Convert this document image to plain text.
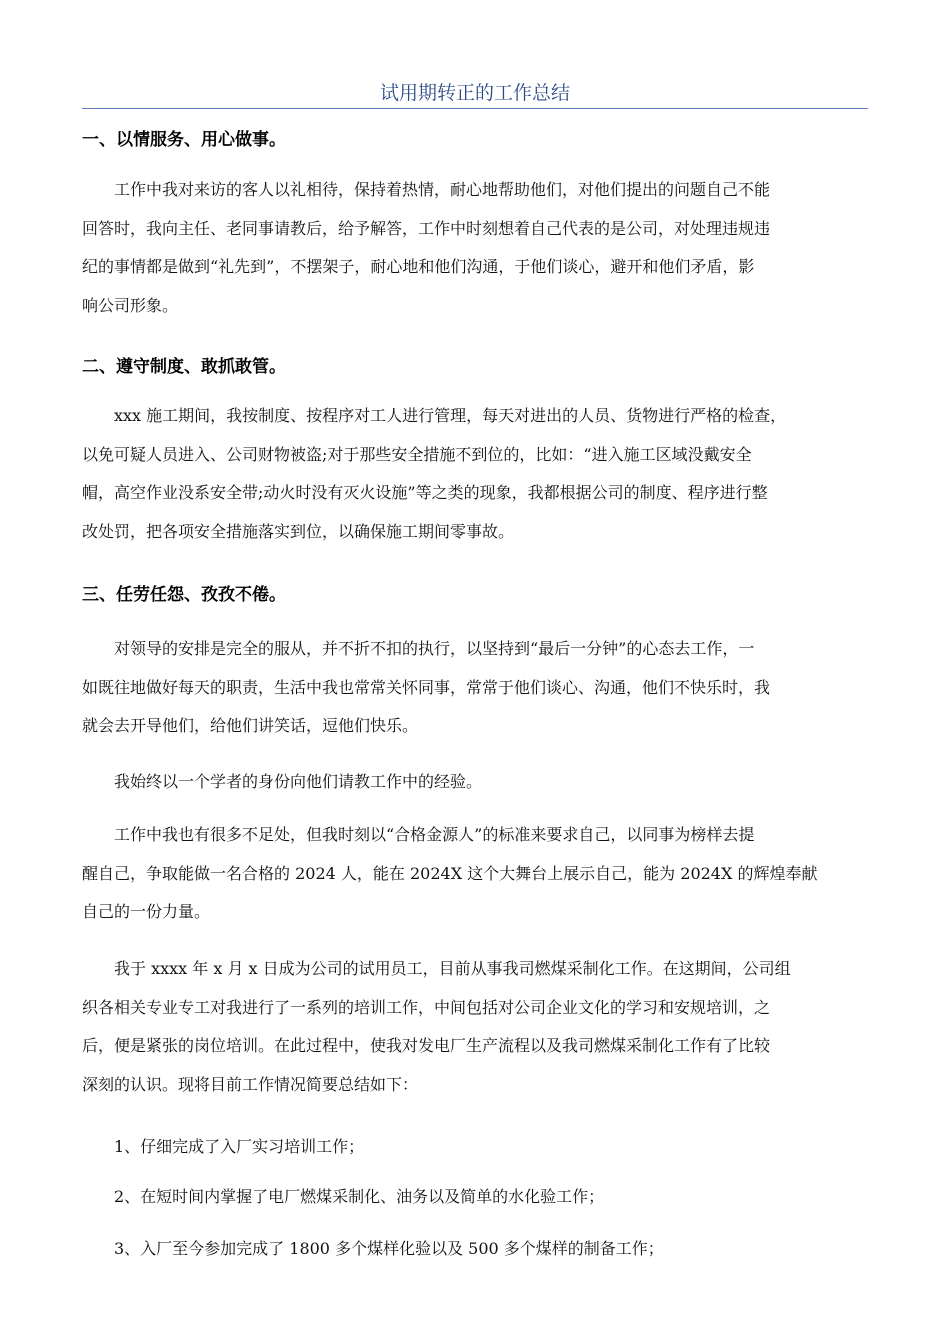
试用期转正的工作总结
一、以情服务、用心做事。
工作中我对来访的客人以礼相待，保持着热情，耐心地帮助他们，对他们提出的问题自己不能
回答时，我向主任、老同事请教后，给予解答，工作中时刻想着自己代表的是公司，对处理违规违
纪的事情都是做到“礼先到”，不摆架子，耐心地和他们沟通，于他们谈心，避开和他们矛盾，影
响公司形象。
二、遵守制度、敢抓敢管。
xxx 施工期间，我按制度、按程序对工人进行管理，每天对进出的人员、货物进行严格的检查，
以免可疑人员进入、公司财物被盗;对于那些安全措施不到位的，比如：“进入施工区域没戴安全
帽，高空作业没系安全带;动火时没有灭火设施”等之类的现象，我都根据公司的制度、程序进行整
改处罚，把各项安全措施落实到位，以确保施工期间零事故。
三、任劳任怨、孜孜不倦。
对领导的安排是完全的服从，并不折不扣的执行，以坚持到“最后一分钟”的心态去工作，一
如既往地做好每天的职责，生活中我也常常关怀同事，常常于他们谈心、沟通，他们不快乐时，我
就会去开导他们，给他们讲笑话，逗他们快乐。
我始终以一个学者的身份向他们请教工作中的经验。
工作中我也有很多不足处，但我时刻以“合格金源人”的标准来要求自己，以同事为榜样去提
醒自己，争取能做一名合格的 2024 人，能在 2024X 这个大舞台上展示自己，能为 2024X 的辉煌奉献
自己的一份力量。
我于 xxxx 年 x 月 x 日成为公司的试用员工，目前从事我司燃煤采制化工作。在这期间，公司组
织各相关专业专工对我进行了一系列的培训工作，中间包括对公司企业文化的学习和安规培训，之
后，便是紧张的岗位培训。在此过程中，使我对发电厂生产流程以及我司燃煤采制化工作有了比较
深刻的认识。现将目前工作情况简要总结如下：
1、仔细完成了入厂实习培训工作；
2、在短时间内掌握了电厂燃煤采制化、油务以及简单的水化验工作；
3、入厂至今参加完成了 1800 多个煤样化验以及 500 多个煤样的制备工作；
